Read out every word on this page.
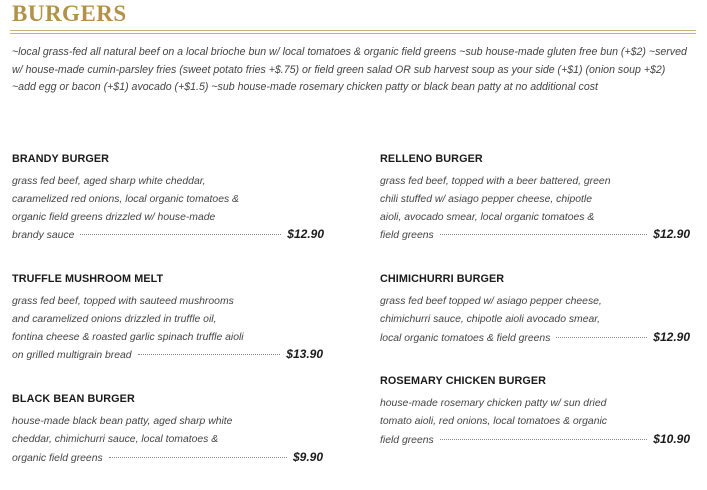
BURGERS
~local grass-fed all natural beef on a local brioche bun w/ local tomatoes & organic field greens ~sub house-made gluten free bun (+$2) ~served w/ house-made cumin-parsley fries (sweet potato fries +$.75) or field green salad OR sub harvest soup as your side (+$1) (onion soup +$2) ~add egg or bacon (+$1) avocado (+$1.5) ~sub house-made rosemary chicken patty or black bean patty at no additional cost
BRANDY BURGER
grass fed beef, aged sharp white cheddar,
caramelized red onions, local organic tomatoes &
organic field greens drizzled w/ house-made
brandy sauce	$12.90
TRUFFLE MUSHROOM MELT
grass fed beef, topped with sauteed mushrooms
and caramelized onions drizzled in truffle oil,
fontina cheese & roasted garlic spinach truffle aioli
on grilled multigrain bread	$13.90
BLACK BEAN BURGER
house-made black bean patty, aged sharp white
cheddar, chimichurri sauce, local tomatoes &
organic field greens	$9.90
RELLENO BURGER
grass fed beef, topped with a beer battered, green
chili stuffed w/ asiago pepper cheese, chipotle
aioli, avocado smear, local organic tomatoes &
field greens	$12.90
CHIMICHURRI BURGER
grass fed beef topped w/ asiago pepper cheese,
chimichurri sauce, chipotle aioli avocado smear,
local organic tomatoes & field greens	$12.90
ROSEMARY CHICKEN BURGER
house-made rosemary chicken patty w/ sun dried
tomato aioli, red onions, local tomatoes & organic
field greens	$10.90
